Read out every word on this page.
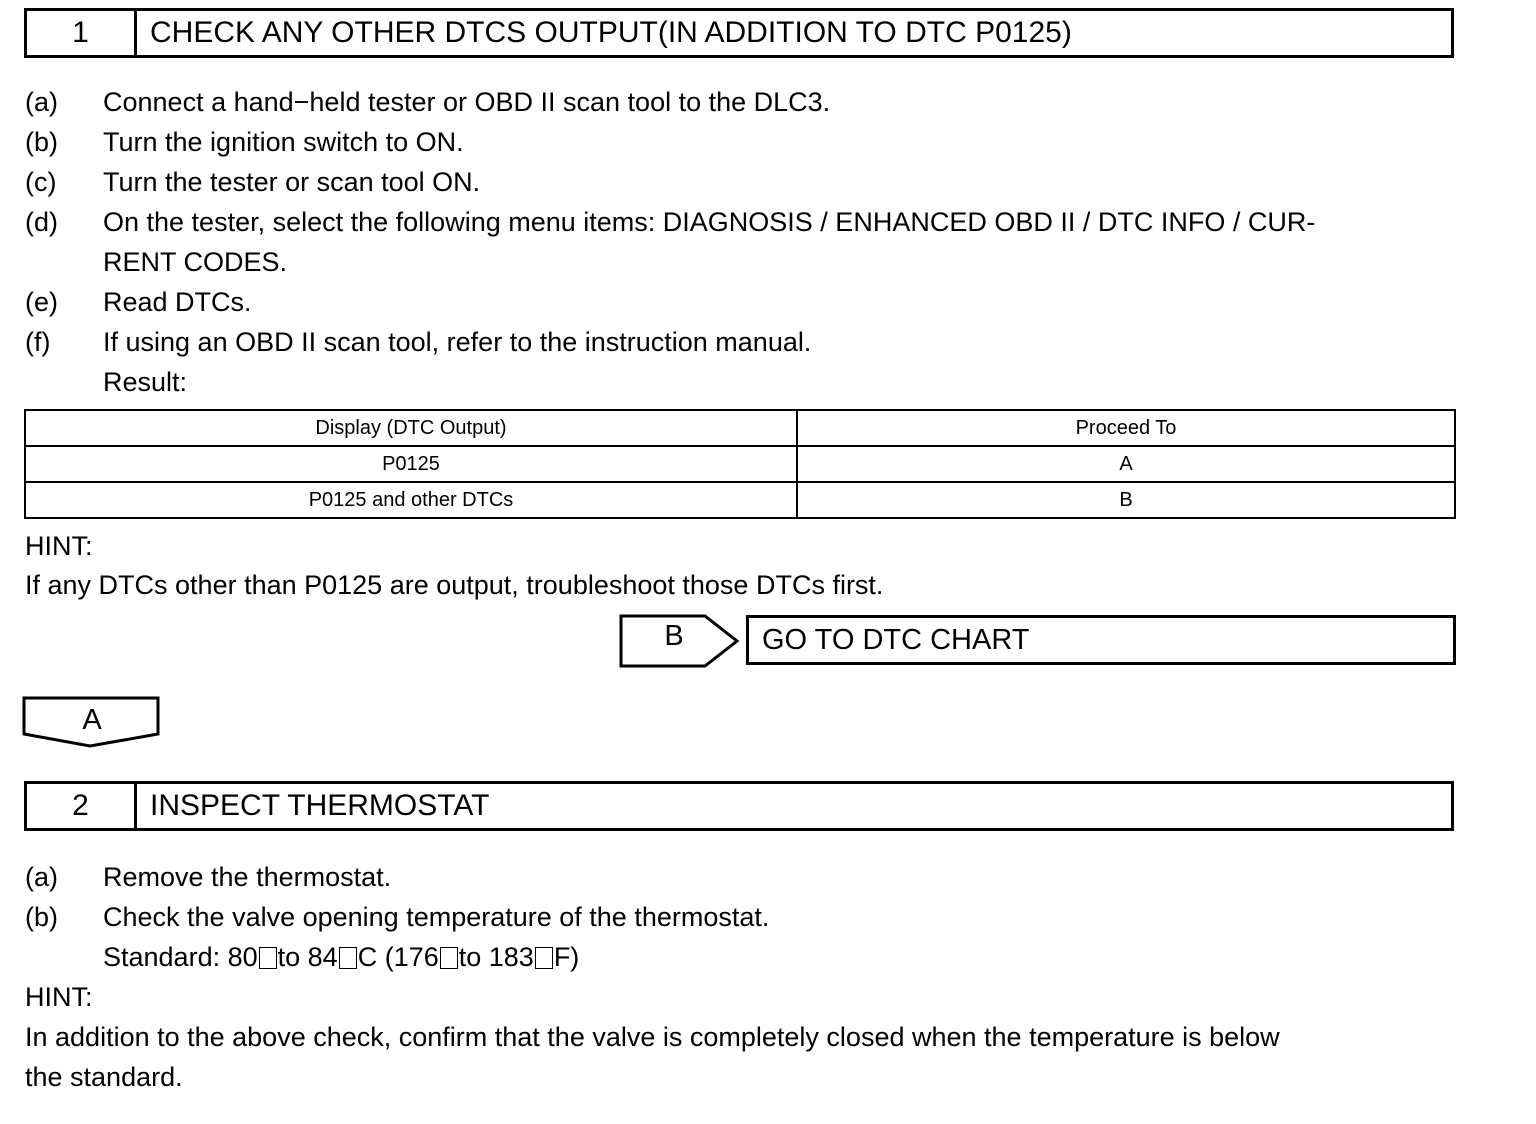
1	CHECK ANY OTHER DTCS OUTPUT(IN ADDITION TO DTC P0125)
(a) Connect a hand−held tester or OBD II scan tool to the DLC3.
(b) Turn the ignition switch to ON.
(c) Turn the tester or scan tool ON.
(d) On the tester, select the following menu items: DIAGNOSIS / ENHANCED OBD II / DTC INFO / CUR-
RENT CODES.
(e) Read DTCs.
(f) If using an OBD II scan tool, refer to the instruction manual.
Result:
Display (DTC Output)	Proceed To
P0125	A
P0125 and other DTCs	B
HINT:
If any DTCs other than P0125 are output, troubleshoot those DTCs first.
B	GO TO DTC CHART
A
2	INSPECT THERMOSTAT
(a) Remove the thermostat.
(b) Check the valve opening temperature of the thermostat.
Standard: 80 to 84 C (176 to 183 F)
HINT:
In addition to the above check, confirm that the valve is completely closed when the temperature is below
the standard.
